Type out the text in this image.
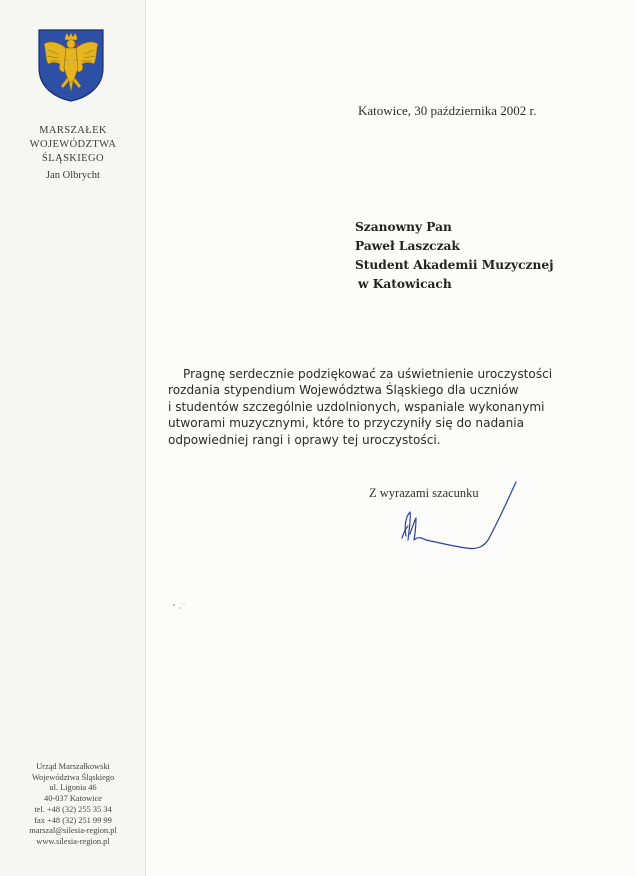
MARSZAŁEK
WOJEWÓDZTWA
ŚLĄSKIEGO
Jan Olbrycht
Katowice, 30 października 2002 r.
Szanowny Pan
Paweł Laszczak
Student Akademii Muzycznej
w Katowicach
Pragnę serdecznie podziękować za uświetnienie uroczystości
rozdania stypendium Województwa Śląskiego dla uczniów
i studentów szczególnie uzdolnionych, wspaniale wykonanymi
utworami muzycznymi, które to przyczyniły się do nadania
odpowiedniej rangi i oprawy tej uroczystości.
Z wyrazami szacunku
Urząd Marszałkowski
Województwa Śląskiego
ul. Ligonia 46
40-037 Katowice
tel. +48 (32) 255 35 34
fax +48 (32) 251 99 99
marszal@silesia-region.pl
www.silesia-region.pl
